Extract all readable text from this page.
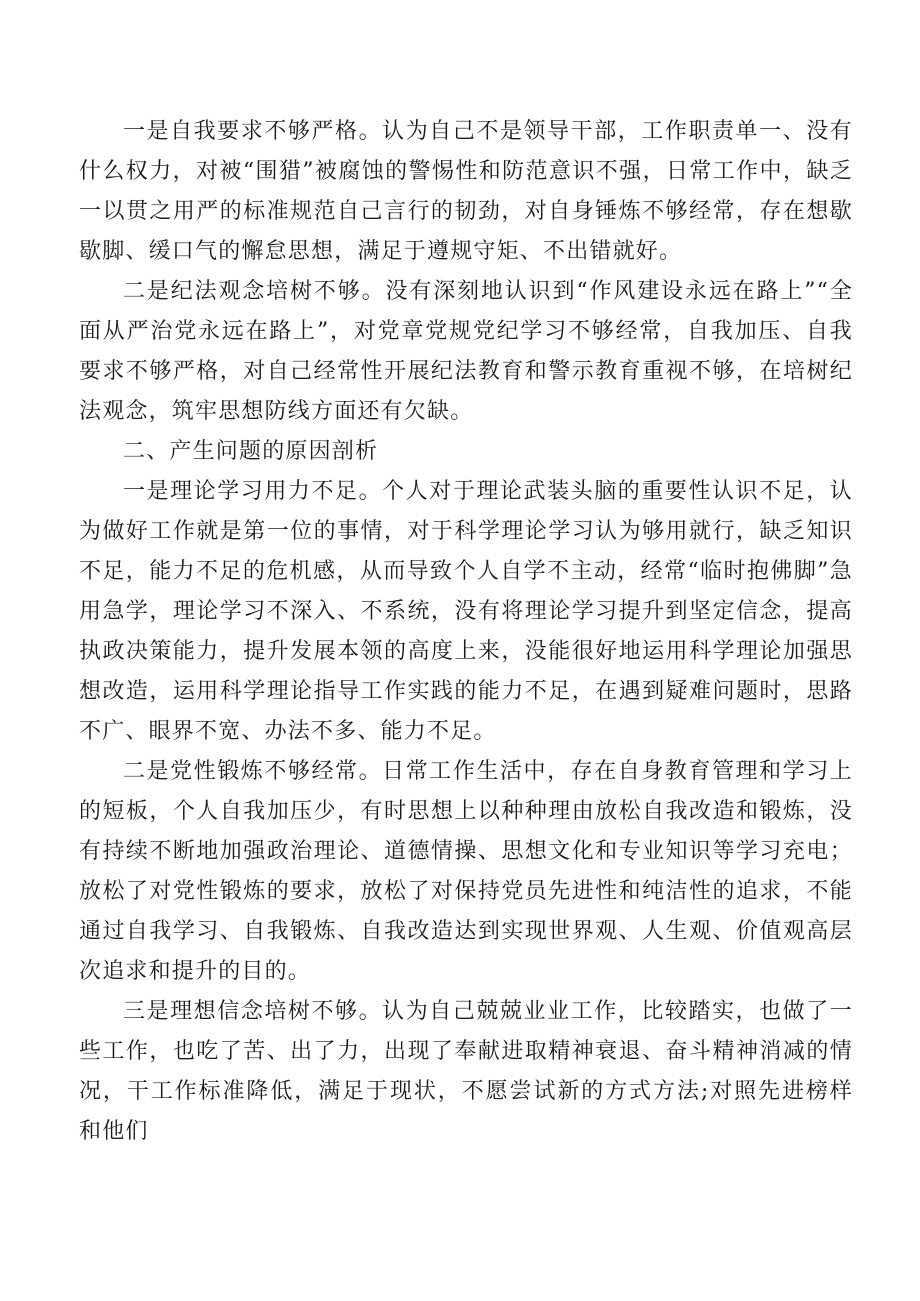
一是自我要求不够严格。认为自己不是领导干部，工作职责单一、没有什么权力，对被“围猎”被腐蚀的警惕性和防范意识不强，日常工作中，缺乏一以贯之用严的标准规范自己言行的韧劲，对自身锤炼不够经常，存在想歇歇脚、缓口气的懈怠思想，满足于遵规守矩、不出错就好。

二是纪法观念培树不够。没有深刻地认识到“作风建设永远在路上”“全面从严治党永远在路上”，对党章党规党纪学习不够经常，自我加压、自我要求不够严格，对自己经常性开展纪法教育和警示教育重视不够，在培树纪法观念，筑牢思想防线方面还有欠缺。

二、产生问题的原因剖析

一是理论学习用力不足。个人对于理论武装头脑的重要性认识不足，认为做好工作就是第一位的事情，对于科学理论学习认为够用就行，缺乏知识不足，能力不足的危机感，从而导致个人自学不主动，经常“临时抱佛脚”急用急学，理论学习不深入、不系统，没有将理论学习提升到坚定信念，提高执政决策能力，提升发展本领的高度上来，没能很好地运用科学理论加强思想改造，运用科学理论指导工作实践的能力不足，在遇到疑难问题时，思路不广、眼界不宽、办法不多、能力不足。

二是党性锻炼不够经常。日常工作生活中，存在自身教育管理和学习上的短板，个人自我加压少，有时思想上以种种理由放松自我改造和锻炼，没有持续不断地加强政治理论、道德情操、思想文化和专业知识等学习充电；放松了对党性锻炼的要求，放松了对保持党员先进性和纯洁性的追求，不能通过自我学习、自我锻炼、自我改造达到实现世界观、人生观、价值观高层次追求和提升的目的。

三是理想信念培树不够。认为自己兢兢业业工作，比较踏实，也做了一些工作，也吃了苦、出了力，出现了奉献进取精神衰退、奋斗精神消减的情况，干工作标准降低，满足于现状，不愿尝试新的方式方法;对照先进榜样和他们
